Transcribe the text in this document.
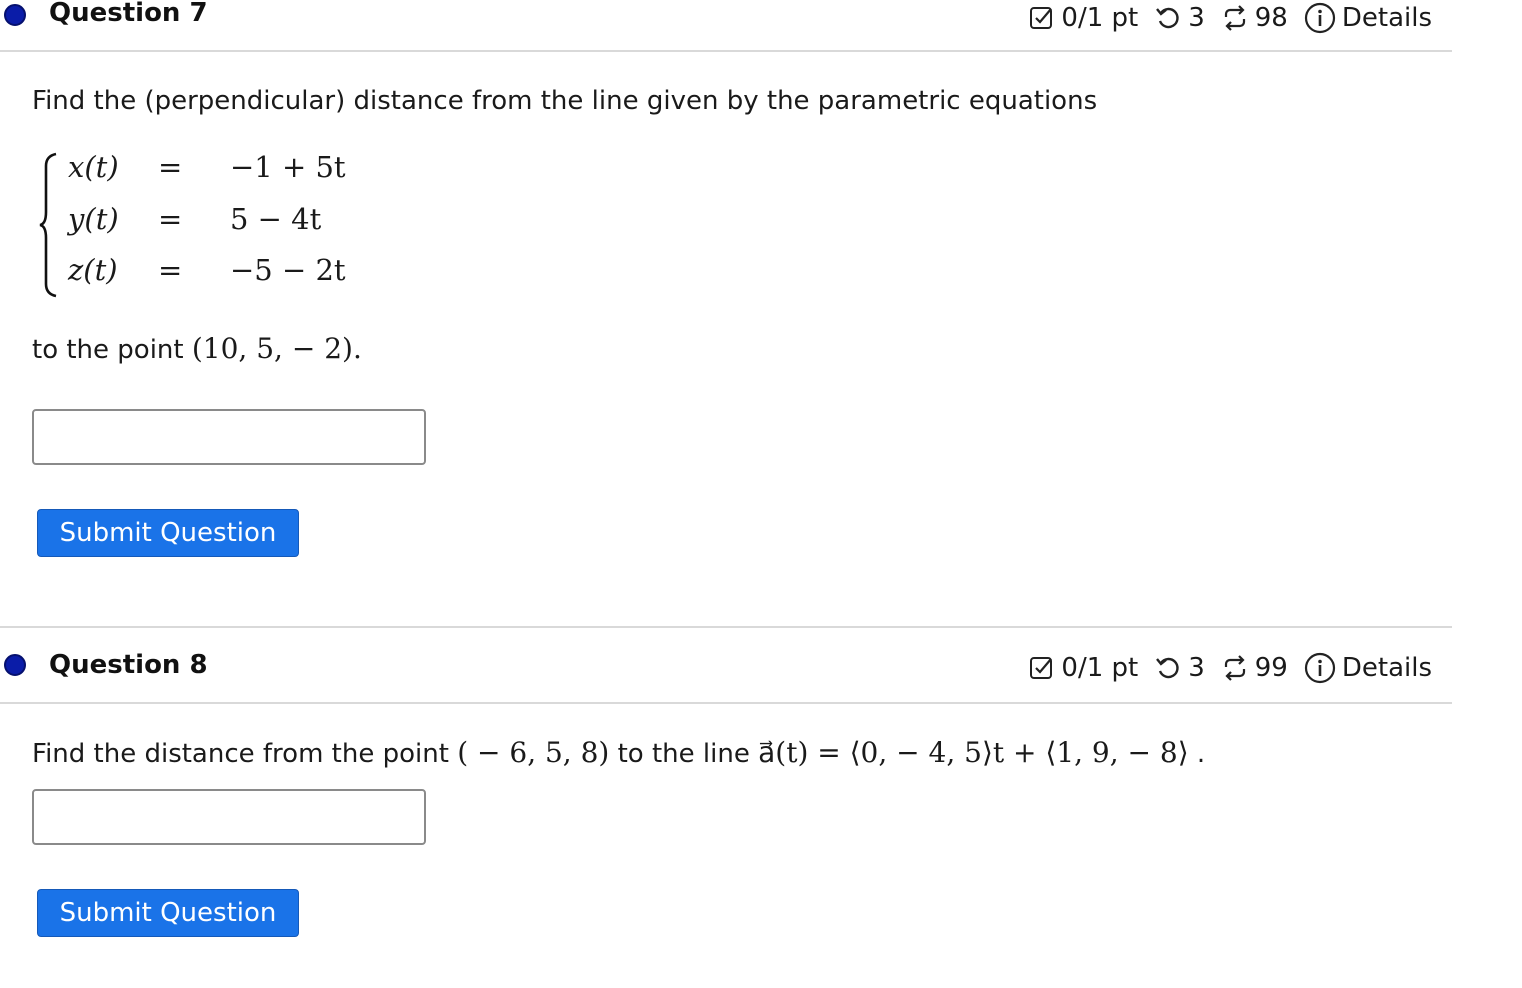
Question 7	0/1 pt 3 98 Details
Find the (perpendicular) distance from the line given by the parametric equations
x(t) = −1 + 5t
y(t) = 5 − 4t
z(t) = −5 − 2t
to the point (10, 5, − 2).
Submit Question
Question 8	0/1 pt 3 99 Details
Find the distance from the point ( − 6, 5, 8) to the line a⃗(t) = ⟨0, − 4, 5⟩t + ⟨1, 9, − 8⟩ .
Submit Question
